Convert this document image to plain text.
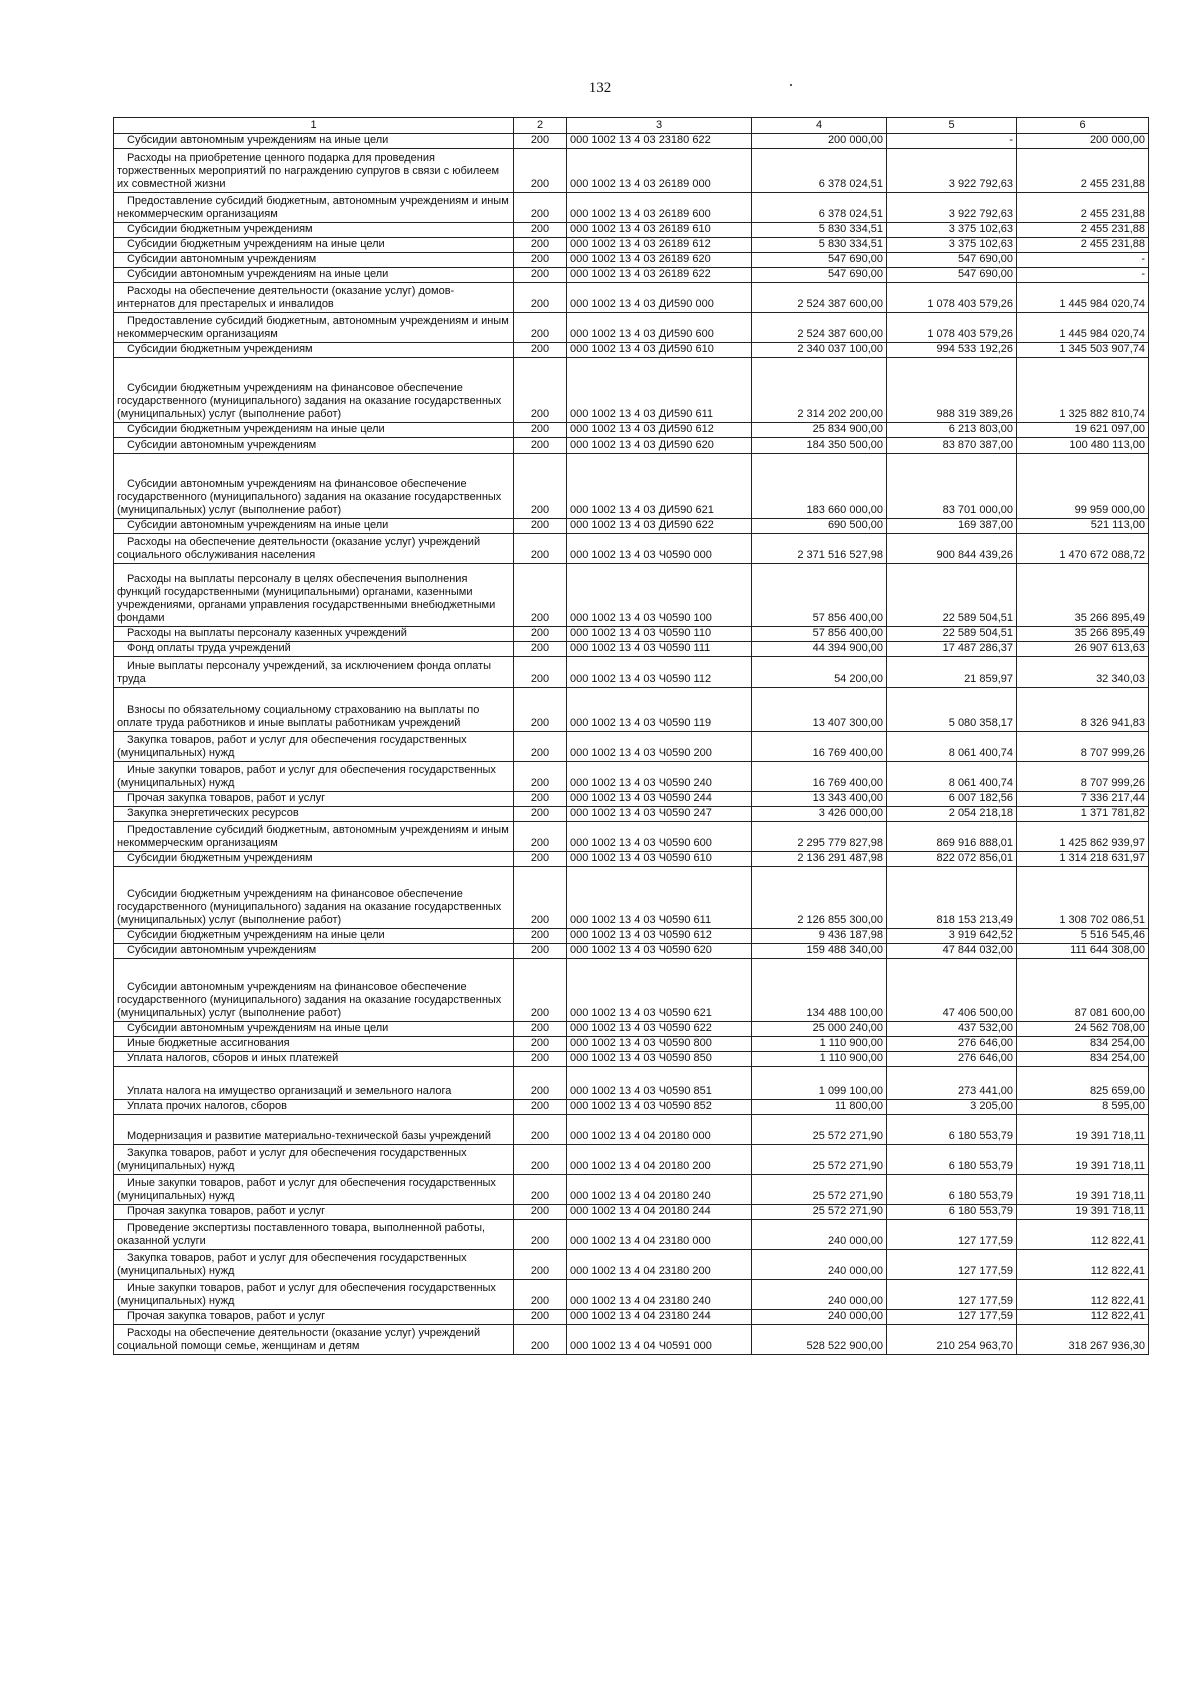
132
1	2	3	4	5	6
Субсидии автономным учреждениям на иные цели	200	000 1002 13 4 03 23180 622	200 000,00	-	200 000,00
Расходы на приобретение ценного подарка для проведения торжественных мероприятий по награждению супругов в связи с юбилеем их совместной жизни	200	000 1002 13 4 03 26189 000	6 378 024,51	3 922 792,63	2 455 231,88
Предоставление субсидий бюджетным, автономным учреждениям и иным некоммерческим организациям	200	000 1002 13 4 03 26189 600	6 378 024,51	3 922 792,63	2 455 231,88
Субсидии бюджетным учреждениям	200	000 1002 13 4 03 26189 610	5 830 334,51	3 375 102,63	2 455 231,88
Субсидии бюджетным учреждениям на иные цели	200	000 1002 13 4 03 26189 612	5 830 334,51	3 375 102,63	2 455 231,88
Субсидии автономным учреждениям	200	000 1002 13 4 03 26189 620	547 690,00	547 690,00	-
Субсидии автономным учреждениям на иные цели	200	000 1002 13 4 03 26189 622	547 690,00	547 690,00	-
Расходы на обеспечение деятельности (оказание услуг) домов-интернатов для престарелых и инвалидов	200	000 1002 13 4 03 ДИ590 000	2 524 387 600,00	1 078 403 579,26	1 445 984 020,74
Предоставление субсидий бюджетным, автономным учреждениям и иным некоммерческим организациям	200	000 1002 13 4 03 ДИ590 600	2 524 387 600,00	1 078 403 579,26	1 445 984 020,74
Субсидии бюджетным учреждениям	200	000 1002 13 4 03 ДИ590 610	2 340 037 100,00	994 533 192,26	1 345 503 907,74
Субсидии бюджетным учреждениям на финансовое обеспечение государственного (муниципального) задания на оказание государственных (муниципальных) услуг (выполнение работ)	200	000 1002 13 4 03 ДИ590 611	2 314 202 200,00	988 319 389,26	1 325 882 810,74
Субсидии бюджетным учреждениям на иные цели	200	000 1002 13 4 03 ДИ590 612	25 834 900,00	6 213 803,00	19 621 097,00
Субсидии автономным учреждениям	200	000 1002 13 4 03 ДИ590 620	184 350 500,00	83 870 387,00	100 480 113,00
Субсидии автономным учреждениям на финансовое обеспечение государственного (муниципального) задания на оказание государственных (муниципальных) услуг (выполнение работ)	200	000 1002 13 4 03 ДИ590 621	183 660 000,00	83 701 000,00	99 959 000,00
Субсидии автономным учреждениям на иные цели	200	000 1002 13 4 03 ДИ590 622	690 500,00	169 387,00	521 113,00
Расходы на обеспечение деятельности (оказание услуг) учреждений социального обслуживания населения	200	000 1002 13 4 03 Ч0590 000	2 371 516 527,98	900 844 439,26	1 470 672 088,72
Расходы на выплаты персоналу в целях обеспечения выполнения функций государственными (муниципальными) органами, казенными учреждениями, органами управления государственными внебюджетными фондами	200	000 1002 13 4 03 Ч0590 100	57 856 400,00	22 589 504,51	35 266 895,49
Расходы на выплаты персоналу казенных учреждений	200	000 1002 13 4 03 Ч0590 110	57 856 400,00	22 589 504,51	35 266 895,49
Фонд оплаты труда учреждений	200	000 1002 13 4 03 Ч0590 111	44 394 900,00	17 487 286,37	26 907 613,63
Иные выплаты персоналу учреждений, за исключением фонда оплаты труда	200	000 1002 13 4 03 Ч0590 112	54 200,00	21 859,97	32 340,03
Взносы по обязательному социальному страхованию на выплаты по оплате труда работников и иные выплаты работникам учреждений	200	000 1002 13 4 03 Ч0590 119	13 407 300,00	5 080 358,17	8 326 941,83
Закупка товаров, работ и услуг для обеспечения государственных (муниципальных) нужд	200	000 1002 13 4 03 Ч0590 200	16 769 400,00	8 061 400,74	8 707 999,26
Иные закупки товаров, работ и услуг для обеспечения государственных (муниципальных) нужд	200	000 1002 13 4 03 Ч0590 240	16 769 400,00	8 061 400,74	8 707 999,26
Прочая закупка товаров, работ и услуг	200	000 1002 13 4 03 Ч0590 244	13 343 400,00	6 007 182,56	7 336 217,44
Закупка энергетических ресурсов	200	000 1002 13 4 03 Ч0590 247	3 426 000,00	2 054 218,18	1 371 781,82
Предоставление субсидий бюджетным, автономным учреждениям и иным некоммерческим организациям	200	000 1002 13 4 03 Ч0590 600	2 295 779 827,98	869 916 888,01	1 425 862 939,97
Субсидии бюджетным учреждениям	200	000 1002 13 4 03 Ч0590 610	2 136 291 487,98	822 072 856,01	1 314 218 631,97
Субсидии бюджетным учреждениям на финансовое обеспечение государственного (муниципального) задания на оказание государственных (муниципальных) услуг (выполнение работ)	200	000 1002 13 4 03 Ч0590 611	2 126 855 300,00	818 153 213,49	1 308 702 086,51
Субсидии бюджетным учреждениям на иные цели	200	000 1002 13 4 03 Ч0590 612	9 436 187,98	3 919 642,52	5 516 545,46
Субсидии автономным учреждениям	200	000 1002 13 4 03 Ч0590 620	159 488 340,00	47 844 032,00	111 644 308,00
Субсидии автономным учреждениям на финансовое обеспечение государственного (муниципального) задания на оказание государственных (муниципальных) услуг (выполнение работ)	200	000 1002 13 4 03 Ч0590 621	134 488 100,00	47 406 500,00	87 081 600,00
Субсидии автономным учреждениям на иные цели	200	000 1002 13 4 03 Ч0590 622	25 000 240,00	437 532,00	24 562 708,00
Иные бюджетные ассигнования	200	000 1002 13 4 03 Ч0590 800	1 110 900,00	276 646,00	834 254,00
Уплата налогов, сборов и иных платежей	200	000 1002 13 4 03 Ч0590 850	1 110 900,00	276 646,00	834 254,00
Уплата налога на имущество организаций и земельного налога	200	000 1002 13 4 03 Ч0590 851	1 099 100,00	273 441,00	825 659,00
Уплата прочих налогов, сборов	200	000 1002 13 4 03 Ч0590 852	11 800,00	3 205,00	8 595,00
Модернизация и развитие материально-технической базы учреждений	200	000 1002 13 4 04 20180 000	25 572 271,90	6 180 553,79	19 391 718,11
Закупка товаров, работ и услуг для обеспечения государственных (муниципальных) нужд	200	000 1002 13 4 04 20180 200	25 572 271,90	6 180 553,79	19 391 718,11
Иные закупки товаров, работ и услуг для обеспечения государственных (муниципальных) нужд	200	000 1002 13 4 04 20180 240	25 572 271,90	6 180 553,79	19 391 718,11
Прочая закупка товаров, работ и услуг	200	000 1002 13 4 04 20180 244	25 572 271,90	6 180 553,79	19 391 718,11
Проведение экспертизы поставленного товара, выполненной работы, оказанной услуги	200	000 1002 13 4 04 23180 000	240 000,00	127 177,59	112 822,41
Закупка товаров, работ и услуг для обеспечения государственных (муниципальных) нужд	200	000 1002 13 4 04 23180 200	240 000,00	127 177,59	112 822,41
Иные закупки товаров, работ и услуг для обеспечения государственных (муниципальных) нужд	200	000 1002 13 4 04 23180 240	240 000,00	127 177,59	112 822,41
Прочая закупка товаров, работ и услуг	200	000 1002 13 4 04 23180 244	240 000,00	127 177,59	112 822,41
Расходы на обеспечение деятельности (оказание услуг) учреждений социальной помощи семье, женщинам и детям	200	000 1002 13 4 04 Ч0591 000	528 522 900,00	210 254 963,70	318 267 936,30
